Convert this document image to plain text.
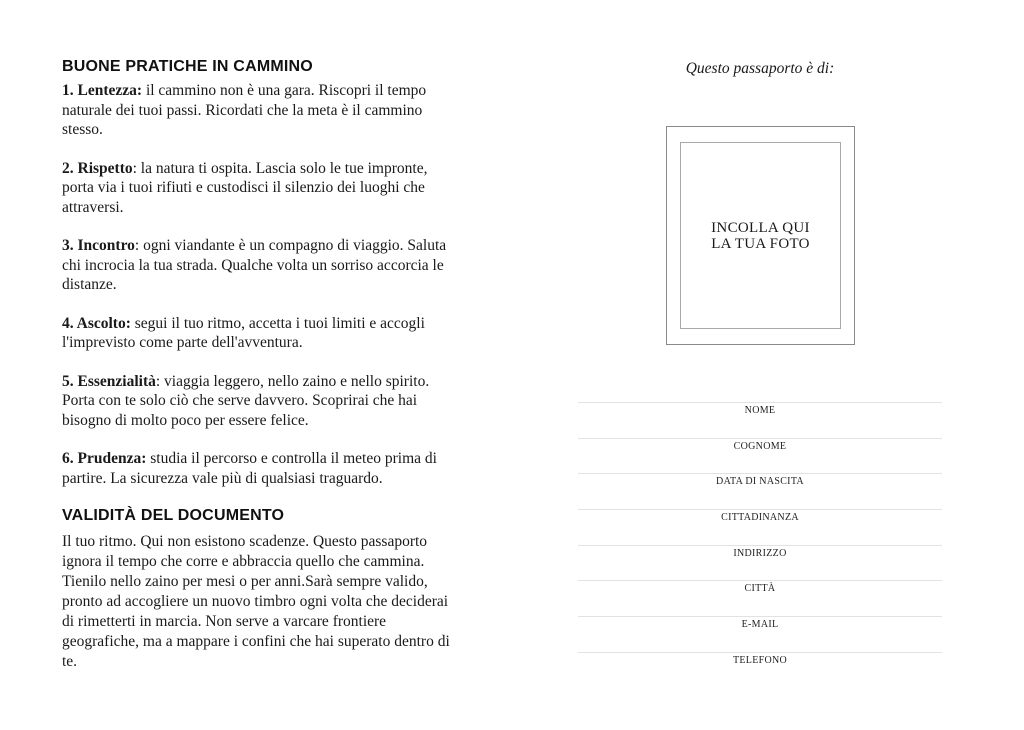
BUONE PRATICHE IN CAMMINO

1. Lentezza: il cammino non è una gara. Riscopri il tempo naturale dei tuoi passi. Ricordati che la meta è il cammino stesso.

2. Rispetto: la natura ti ospita. Lascia solo le tue impronte, porta via i tuoi rifiuti e custodisci il silenzio dei luoghi che attraversi.

3. Incontro: ogni viandante è un compagno di viaggio. Saluta chi incrocia la tua strada. Qualche volta un sorriso accorcia le distanze.

4. Ascolto: segui il tuo ritmo, accetta i tuoi limiti e accogli l'imprevisto come parte dell'avventura.

5. Essenzialità: viaggia leggero, nello zaino e nello spirito. Porta con te solo ciò che serve davvero. Scoprirai che hai bisogno di molto poco per essere felice.

6. Prudenza: studia il percorso e controlla il meteo prima di partire. La sicurezza vale più di qualsiasi traguardo.

VALIDITÀ DEL DOCUMENTO

Il tuo ritmo. Qui non esistono scadenze. Questo passaporto ignora il tempo che corre e abbraccia quello che cammina. Tienilo nello zaino per mesi o per anni.Sarà sempre valido, pronto ad accogliere un nuovo timbro ogni volta che deciderai di rimetterti in marcia. Non serve a varcare frontiere geografiche, ma a mappare i confini che hai superato dentro di te.

Questo passaporto è di:
INCOLLA QUI
LA TUA FOTO
NOME
COGNOME
DATA DI NASCITA
CITTADINANZA
INDIRIZZO
CITTÀ
E-MAIL
TELEFONO
